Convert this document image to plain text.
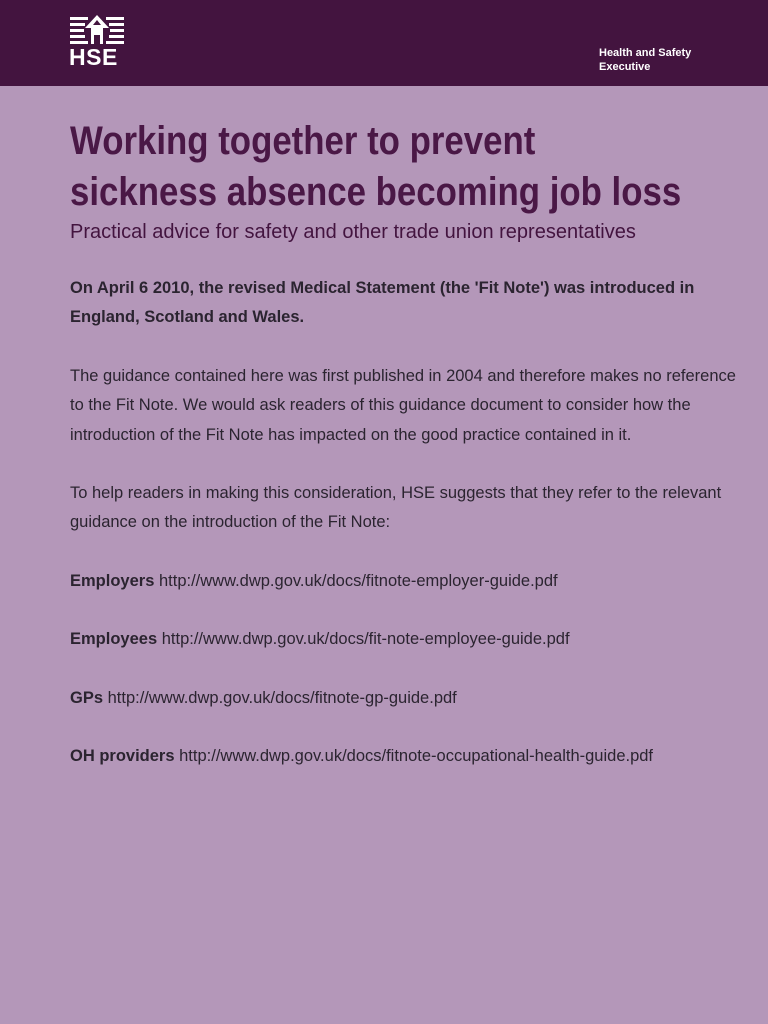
HSE	Health and Safety
Executive
Working together to prevent
sickness absence becoming job loss

Practical advice for safety and other trade union representatives

On April 6 2010, the revised Medical Statement (the 'Fit Note') was introduced in England, Scotland and Wales.

The guidance contained here was first published in 2004 and therefore makes no reference to the Fit Note. We would ask readers of this guidance document to consider how the introduction of the Fit Note has impacted on the good practice contained in it.

To help readers in making this consideration, HSE suggests that they refer to the relevant guidance on the introduction of the Fit Note:

Employers http://www.dwp.gov.uk/docs/fitnote-employer-guide.pdf

Employees http://www.dwp.gov.uk/docs/fit-note-employee-guide.pdf

GPs http://www.dwp.gov.uk/docs/fitnote-gp-guide.pdf

OH providers http://www.dwp.gov.uk/docs/fitnote-occupational-health-guide.pdf
